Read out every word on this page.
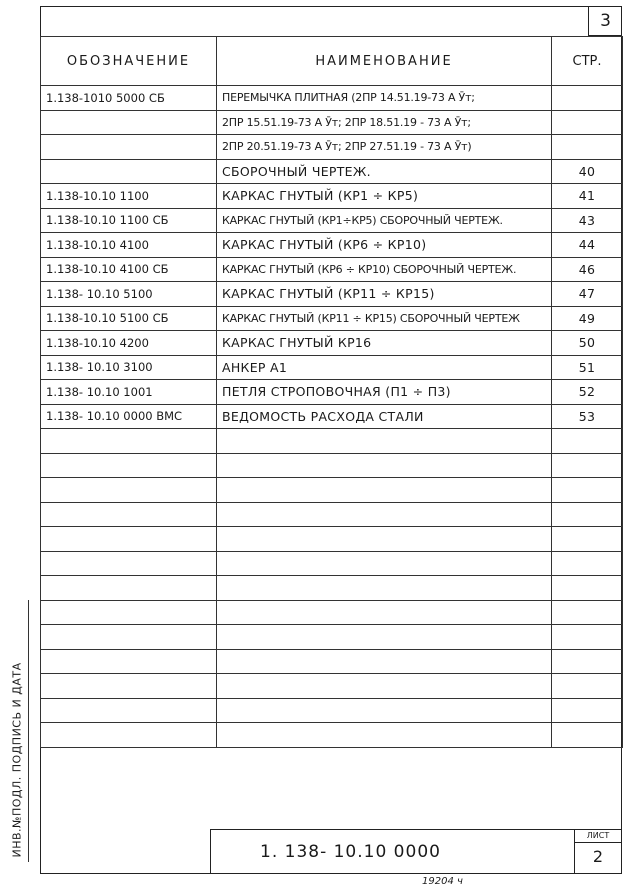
3
ОБОЗНАЧЕНИЕ	НАИМЕНОВАНИЕ	СТР.
1.138-1010 5000 СБ	ПЕРЕМЫЧКА ПЛИТНАЯ (2ПР 14.51.19-73 А Ӯт;	
	2ПР 15.51.19-73 А Ӯт; 2ПР 18.51.19 - 73 А Ӯт;	
	2ПР 20.51.19-73 А Ӯт; 2ПР 27.51.19 - 73 А Ӯт)	
	СБОРОЧНЫЙ ЧЕРТЕЖ.	40
1.138-10.10 1100	КАРКАС ГНУТЫЙ (КР1 ÷ КР5)	41
1.138-10.10 1100 СБ	КАРКАС ГНУТЫЙ (КР1÷КР5) СБОРОЧНЫЙ ЧЕРТЕЖ.	43
1.138-10.10 4100	КАРКАС ГНУТЫЙ (КР6 ÷ КР10)	44
1.138-10.10 4100 СБ	КАРКАС ГНУТЫЙ (КР6 ÷ КР10) СБОРОЧНЫЙ ЧЕРТЕЖ.	46
1.138- 10.10 5100	КАРКАС ГНУТЫЙ (КР11 ÷ КР15)	47
1.138-10.10 5100 СБ	КАРКАС ГНУТЫЙ (КР11 ÷ КР15) СБОРОЧНЫЙ ЧЕРТЕЖ	49
1.138-10.10 4200	КАРКАС ГНУТЫЙ КР16	50
1.138- 10.10 3100	АНКЕР А1	51
1.138- 10.10 1001	ПЕТЛЯ СТРОПОВОЧНАЯ (П1 ÷ П3)	52
1.138- 10.10 0000 ВМС	ВЕДОМОСТЬ РАСХОДА СТАЛИ	53

ИНВ.№ПОДЛ. ПОДПИСЬ И ДАТА	1. 138- 10.10 0000
ЛИСТ
2
19204 ч
